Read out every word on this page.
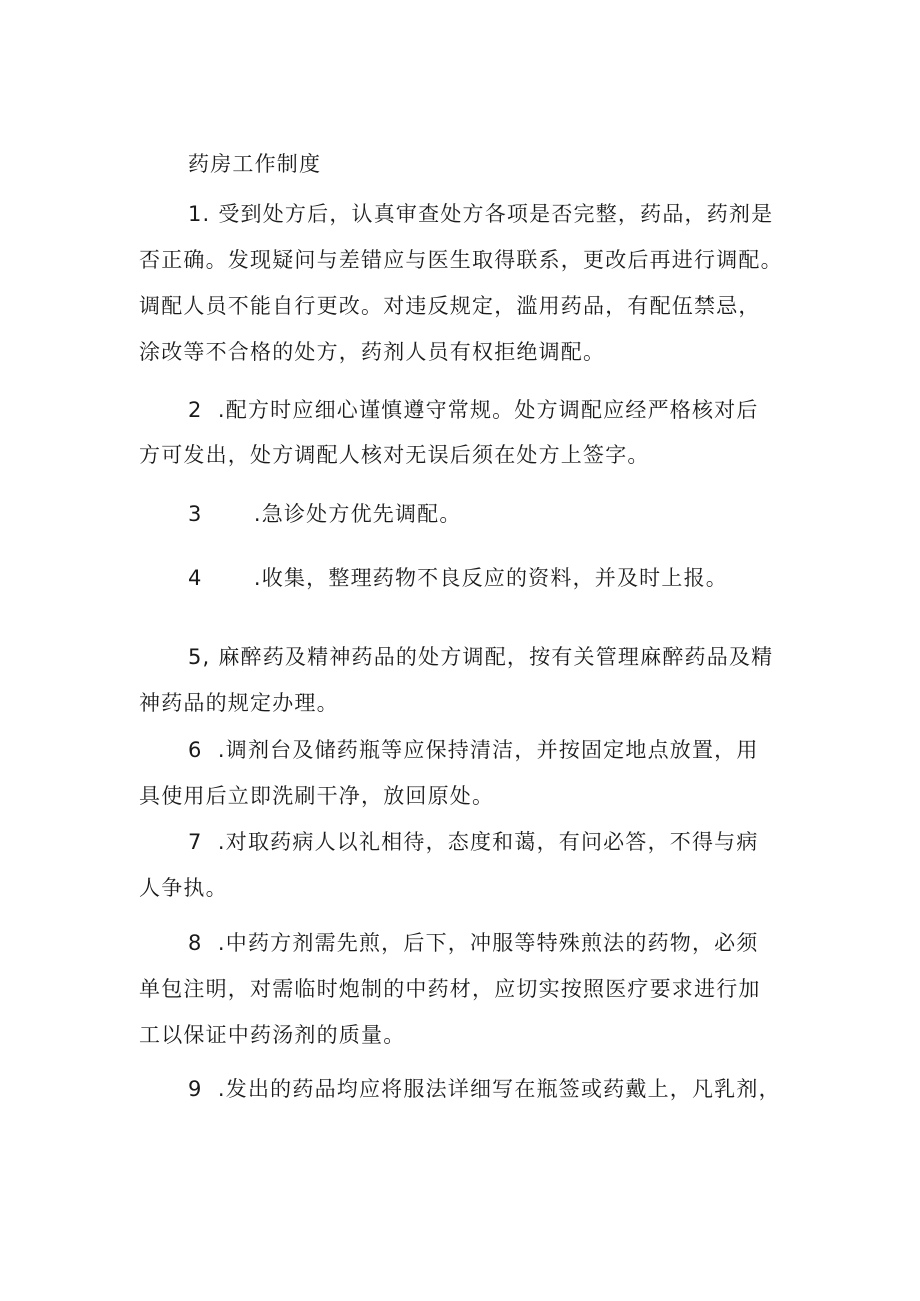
药房工作制度
1. 受到处方后，认真审查处方各项是否完整，药品，药剂是
否正确。发现疑问与差错应与医生取得联系，更改后再进行调配。
调配人员不能自行更改。对违反规定，滥用药品，有配伍禁忌，
涂改等不合格的处方，药剂人员有权拒绝调配。
2 .配方时应细心谨慎遵守常规。处方调配应经严格核对后
方可发出，处方调配人核对无误后须在处方上签字。
3 .急诊处方优先调配。
4 .收集，整理药物不良反应的资料，并及时上报。
5, 麻醉药及精神药品的处方调配，按有关管理麻醉药品及精
神药品的规定办理。
6 .调剂台及储药瓶等应保持清洁，并按固定地点放置，用
具使用后立即洗刷干净，放回原处。
7 .对取药病人以礼相待，态度和蔼，有问必答，不得与病
人争执。
8 .中药方剂需先煎，后下，冲服等特殊煎法的药物，必须
单包注明，对需临时炮制的中药材，应切实按照医疗要求进行加
工以保证中药汤剂的质量。
9 .发出的药品均应将服法详细写在瓶签或药戴上，凡乳剂，
